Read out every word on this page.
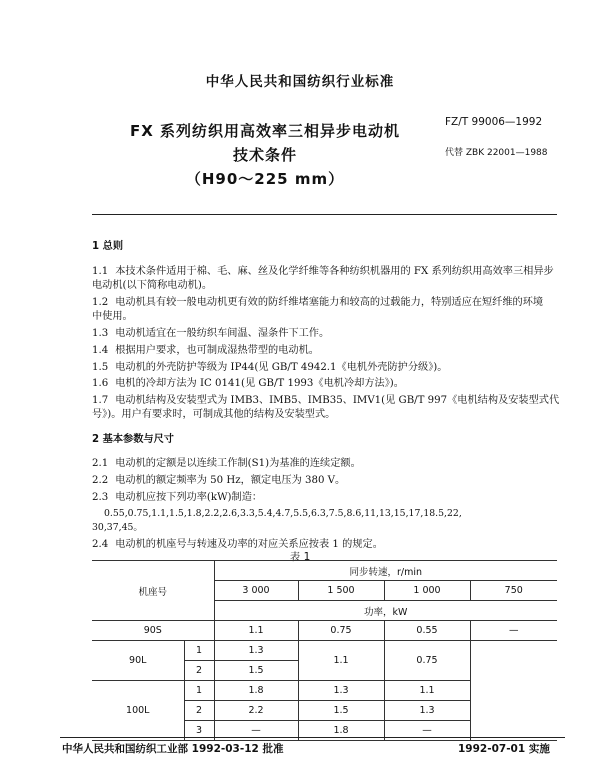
中华人民共和国纺织行业标准
FX 系列纺织用高效率三相异步电动机
技术条件
（H90～225 mm）
FZ/T 99006—1992
代替 ZBK 22001—1988
1 总则
1.1 本技术条件适用于棉、毛、麻、丝及化学纤维等各种纺织机器用的 FX 系列纺织用高效率三相异步
电动机(以下简称电动机)。
1.2 电动机具有较一般电动机更有效的防纤维堵塞能力和较高的过载能力，特别适应在短纤维的环境
中使用。
1.3 电动机适宜在一般纺织车间温、湿条件下工作。
1.4 根据用户要求，也可制成湿热带型的电动机。
1.5 电动机的外壳防护等级为 IP44(见 GB/T 4942.1《电机外壳防护分级》)。
1.6 电机的冷却方法为 IC 0141(见 GB/T 1993《电机冷却方法》)。
1.7 电动机结构及安装型式为 IMB3、IMB5、IMB35、IMV1(见 GB/T 997《电机结构及安装型式代
号》)。用户有要求时，可制成其他的结构及安装型式。
2 基本参数与尺寸
2.1 电动机的定额是以连续工作制(S1)为基准的连续定额。
2.2 电动机的额定频率为 50 Hz，额定电压为 380 V。
2.3 电动机应按下列功率(kW)制造：
0.55,0.75,1.1,1.5,1.8,2.2,2.6,3.3,5.4,4.7,5.5,6.3,7.5,8.6,11,13,15,17,18.5,22,
30,37,45。
2.4 电动机的机座号与转速及功率的对应关系应按表 1 的规定。
表 1
机座号		同步转速，r/min			
		3 000	1 500	1 000	750
		功率，kW			
90S		1.1	0.75	0.55	—
90L	1	1.3	1.1	0.75	
	2	1.5			
100L	1	1.8	1.3	1.1	
	2	2.2	1.5	1.3	
	3	—	1.8	—	
中华人民共和国纺织工业部 1992-03-12 批准	1992-07-01 实施
